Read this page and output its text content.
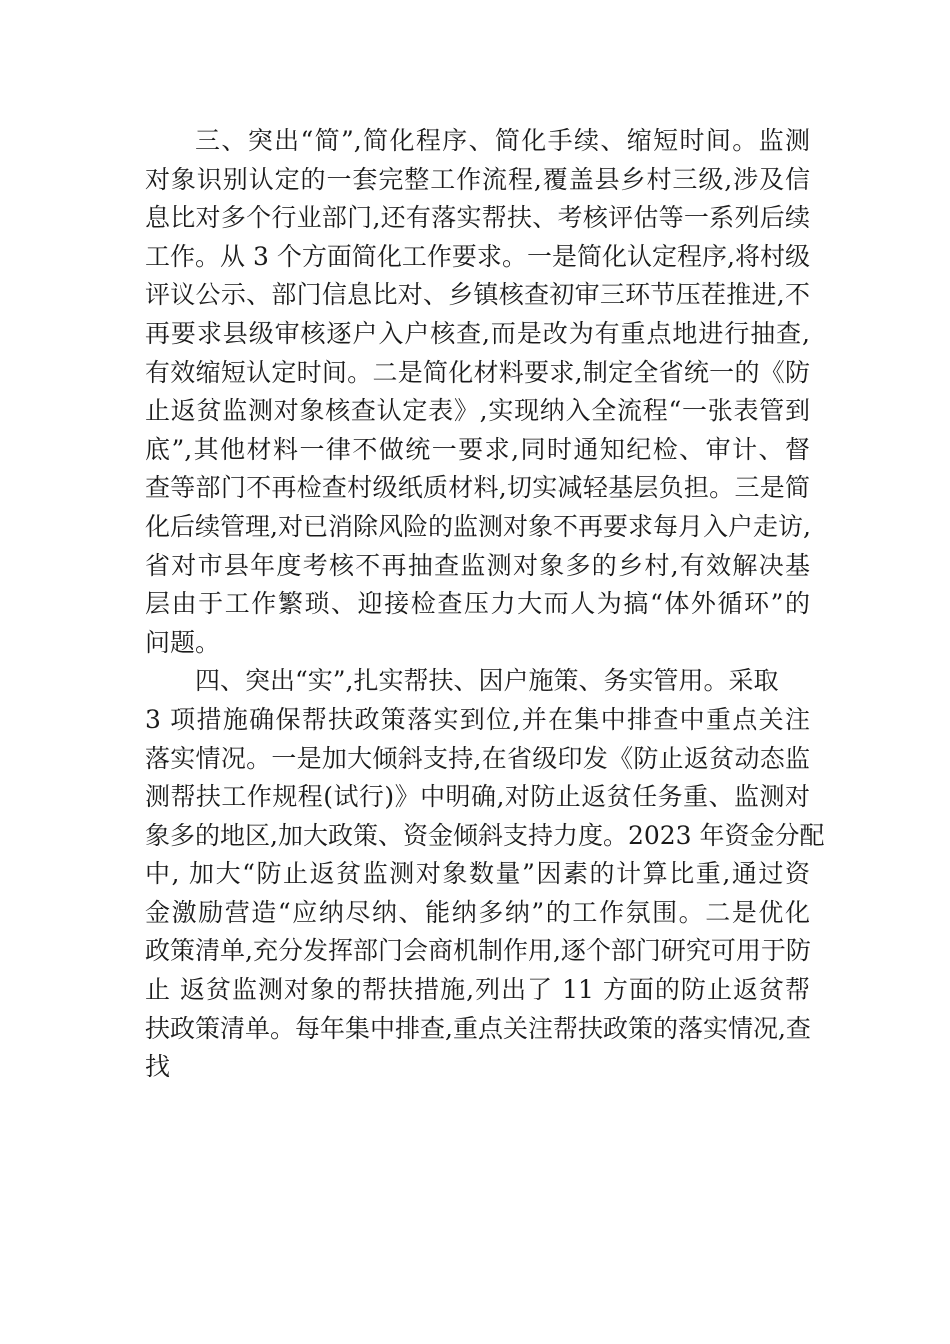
三、突出“简”,简化程序、简化手续、缩短时间。监测
对象识别认定的一套完整工作流程,覆盖县乡村三级,涉及信
息比对多个行业部门,还有落实帮扶、考核评估等一系列后续
工作。从 3 个方面简化工作要求。一是简化认定程序,将村级
评议公示、部门信息比对、乡镇核查初审三环节压茬推进,不
再要求县级审核逐户入户核查,而是改为有重点地进行抽查,
有效缩短认定时间。二是简化材料要求,制定全省统一的《防
止返贫监测对象核查认定表》,实现纳入全流程“一张表管到
底”,其他材料一律不做统一要求,同时通知纪检、审计、督
查等部门不再检查村级纸质材料,切实减轻基层负担。三是简
化后续管理,对已消除风险的监测对象不再要求每月入户走访,
省对市县年度考核不再抽查监测对象多的乡村,有效解决基
层由于工作繁琐、迎接检查压力大而人为搞“体外循环”的
问题。
四、突出“实”,扎实帮扶、因户施策、务实管用。采取
3 项措施确保帮扶政策落实到位,并在集中排查中重点关注
落实情况。一是加大倾斜支持,在省级印发《防止返贫动态监
测帮扶工作规程(试行)》中明确,对防止返贫任务重、监测对
象多的地区,加大政策、资金倾斜支持力度。2023 年资金分配
中, 加大“防止返贫监测对象数量”因素的计算比重,通过资
金激励营造“应纳尽纳、能纳多纳”的工作氛围。二是优化
政策清单,充分发挥部门会商机制作用,逐个部门研究可用于防
止 返贫监测对象的帮扶措施,列出了 11 方面的防止返贫帮
扶政策清单。每年集中排查,重点关注帮扶政策的落实情况,查
找
